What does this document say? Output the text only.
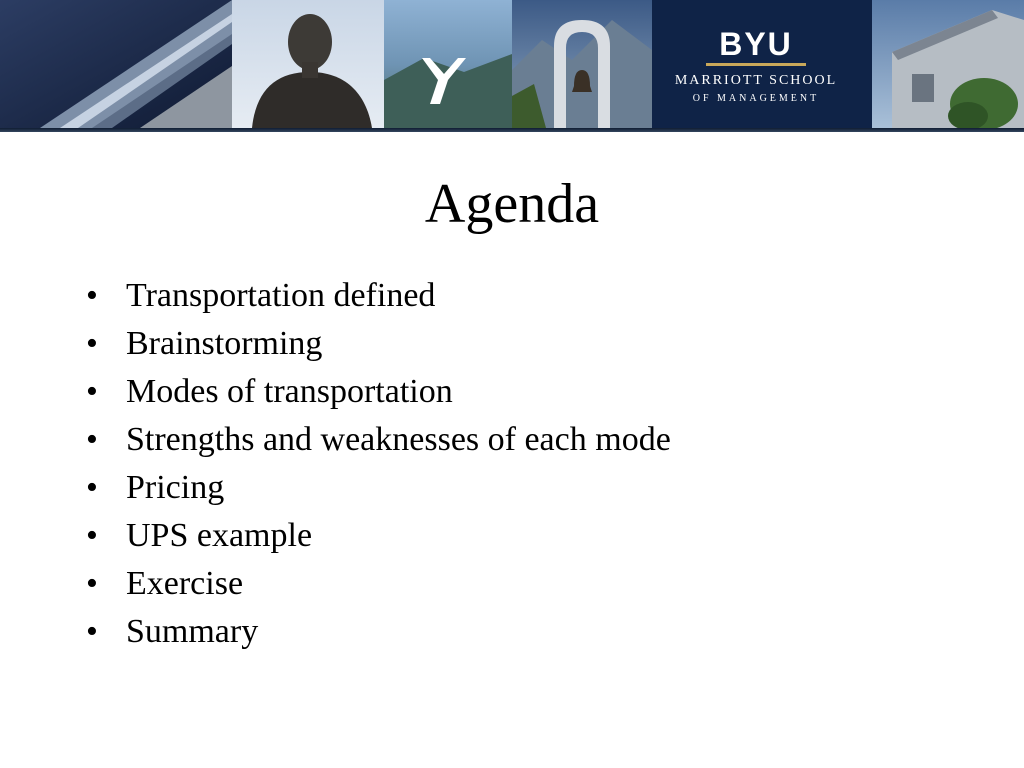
BYU
MARRIOTT SCHOOL
OF MANAGEMENT
Agenda
• Transportation defined
• Brainstorming
• Modes of transportation
• Strengths and weaknesses of each mode
• Pricing
• UPS example
• Exercise
• Summary
